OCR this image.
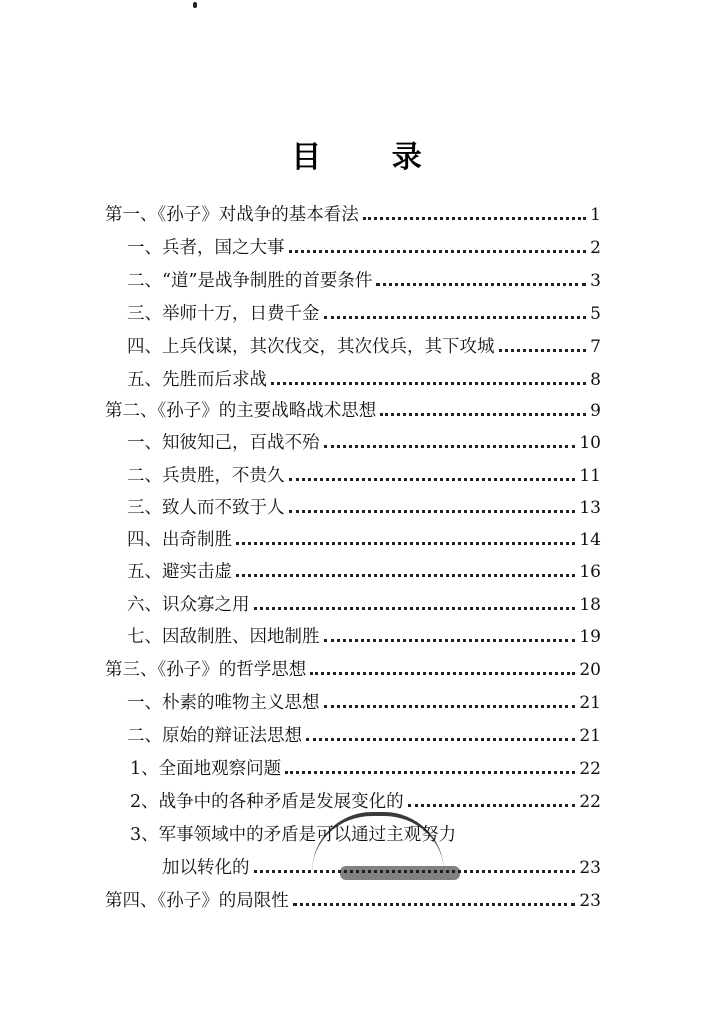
目 录
第一、《孙子》对战争的基本看法	1
一、兵者，国之大事	2
二、“道”是战争制胜的首要条件	3
三、举师十万，日费千金	5
四、上兵伐谋，其次伐交，其次伐兵，其下攻城	7
五、先胜而后求战	8
第二、《孙子》的主要战略战术思想	9
一、知彼知己，百战不殆	10
二、兵贵胜，不贵久	11
三、致人而不致于人	13
四、出奇制胜	14
五、避实击虚	16
六、识众寡之用	18
七、因敌制胜、因地制胜	19
第三、《孙子》的哲学思想	20
一、朴素的唯物主义思想	21
二、原始的辩证法思想	21
1、全面地观察问题	22
2、战争中的各种矛盾是发展变化的	22
3、军事领域中的矛盾是可以通过主观努力
加以转化的	23
第四、《孙子》的局限性	23
